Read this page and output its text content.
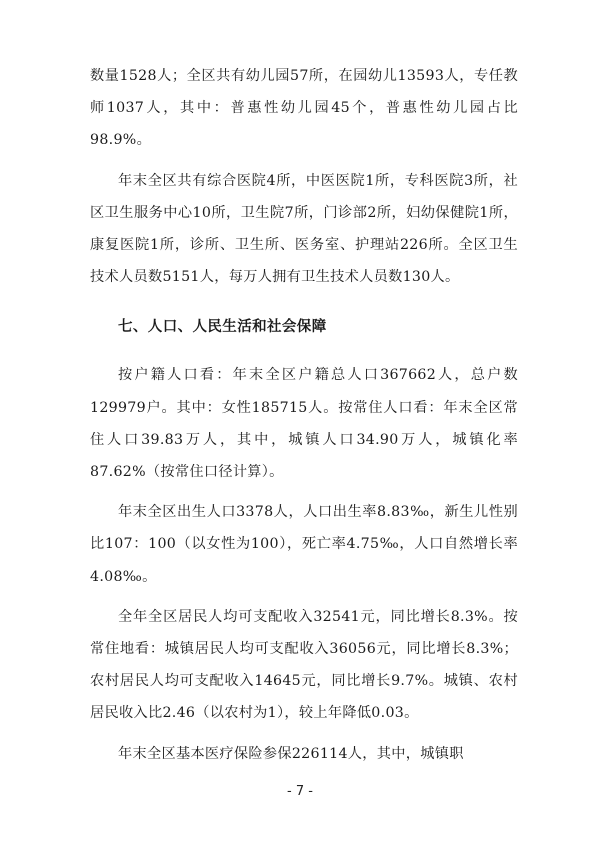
数量1528人；全区共有幼儿园57所，在园幼儿13593人，专任教师1037人，其中：普惠性幼儿园45个，普惠性幼儿园占比98.9%。

年末全区共有综合医院4所，中医医院1所，专科医院3所，社区卫生服务中心10所，卫生院7所，门诊部2所，妇幼保健院1所，康复医院1所，诊所、卫生所、医务室、护理站226所。全区卫生技术人员数5151人，每万人拥有卫生技术人员数130人。

七、人口、人民生活和社会保障

按户籍人口看：年末全区户籍总人口367662人，总户数129979户。其中：女性185715人。按常住人口看：年末全区常住人口39.83万人，其中，城镇人口34.90万人，城镇化率87.62%（按常住口径计算）。

年末全区出生人口3378人，人口出生率8.83‰，新生儿性别比107：100（以女性为100），死亡率4.75‰，人口自然增长率4.08‰。

全年全区居民人均可支配收入32541元，同比增长8.3%。按常住地看：城镇居民人均可支配收入36056元，同比增长8.3%；农村居民人均可支配收入14645元，同比增长9.7%。城镇、农村居民收入比2.46（以农村为1），较上年降低0.03。

年末全区基本医疗保险参保226114人，其中，城镇职

- 7 -
